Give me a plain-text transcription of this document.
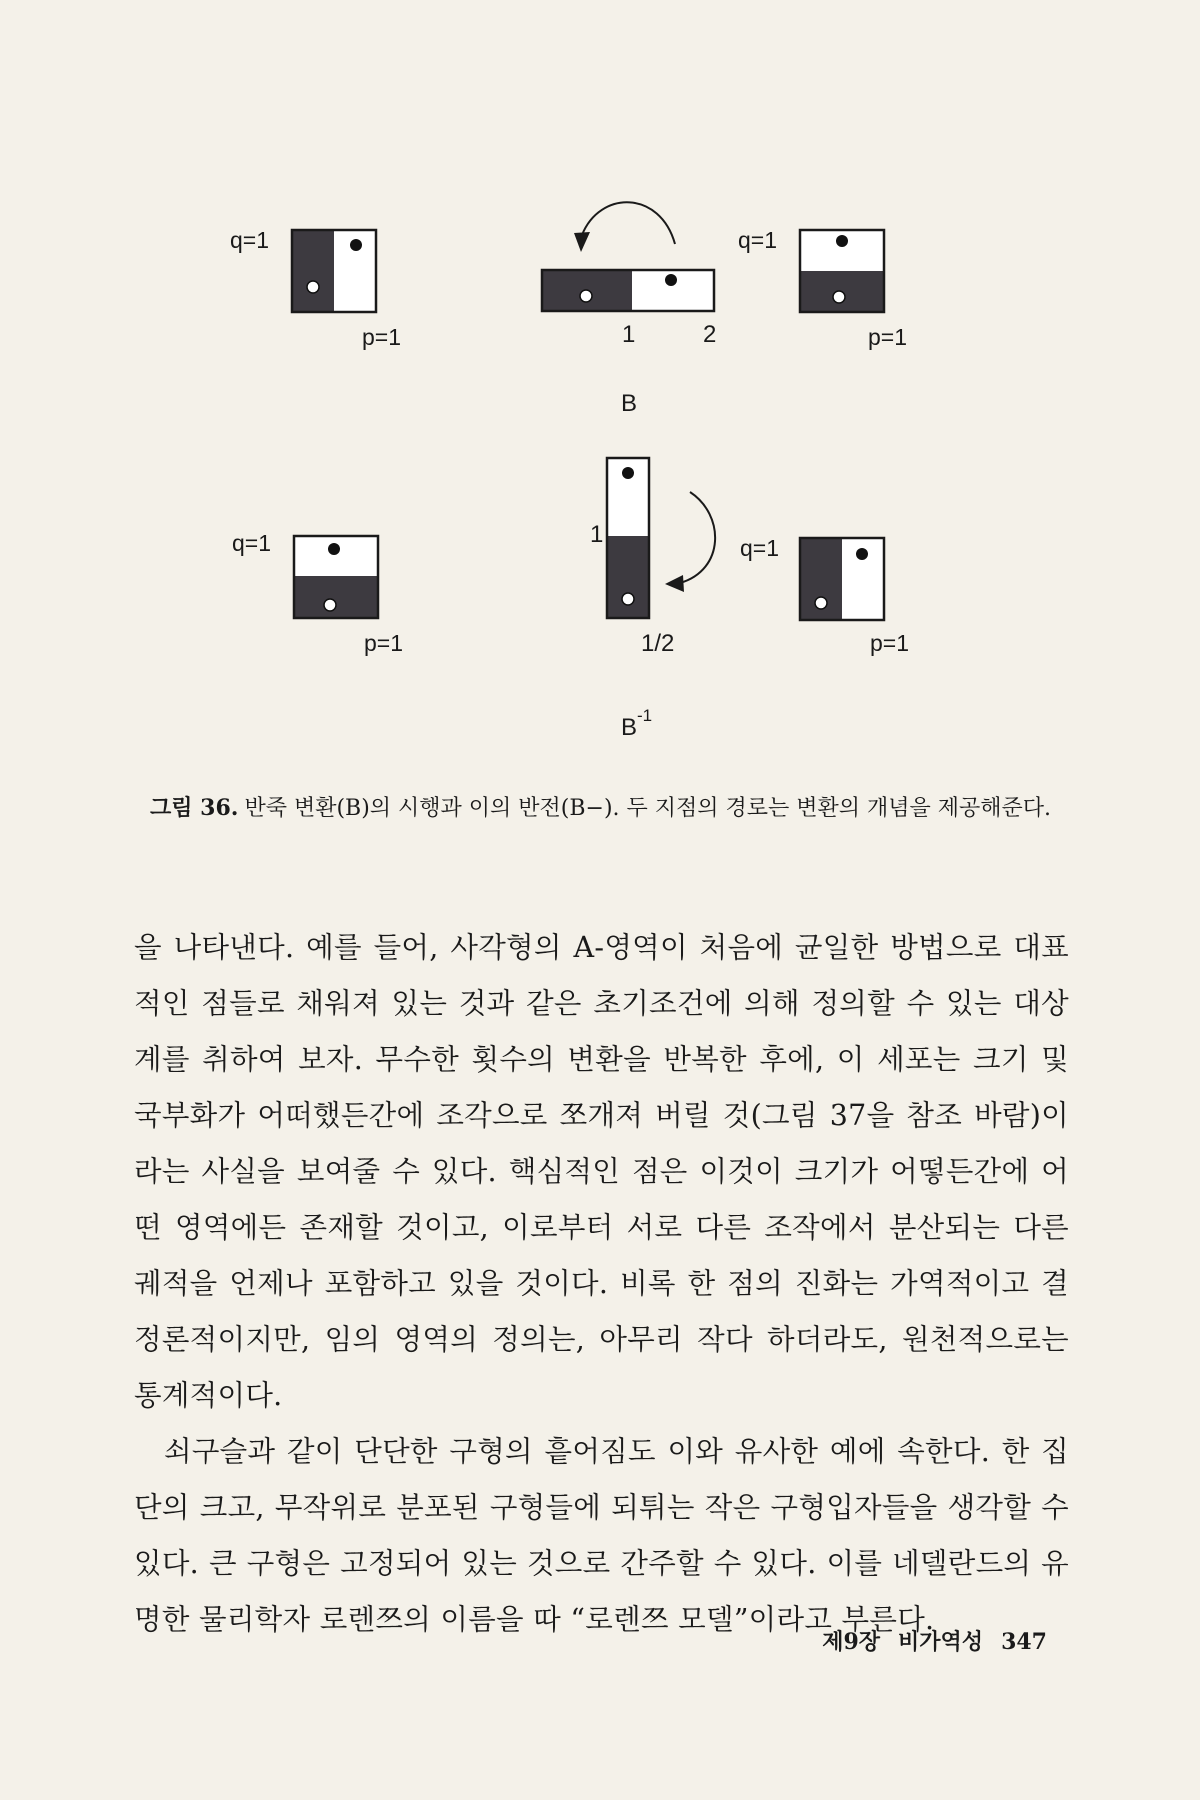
q=1
p=1	1	2
B
q=1
p=1
q=1
p=1
1
1/2
$B^{-1}$
q=1
p=1
그림 36. 반죽 변환(B)의 시행과 이의 반전(B−). 두 지점의 경로는 변환의 개념을 제공해준다.

을 나타낸다. 예를 들어, 사각형의 A-영역이 처음에 균일한 방법으로 대표적인 점들로 채워져 있는 것과 같은 초기조건에 의해 정의할 수 있는 대상계를 취하여 보자. 무수한 횟수의 변환을 반복한 후에, 이 세포는 크기 및 국부화가 어떠했든간에 조각으로 쪼개져 버릴 것(그림 37을 참조 바람)이라는 사실을 보여줄 수 있다. 핵심적인 점은 이것이 크기가 어떻든간에 어떤 영역에든 존재할 것이고, 이로부터 서로 다른 조작에서 분산되는 다른 궤적을 언제나 포함하고 있을 것이다. 비록 한 점의 진화는 가역적이고 결정론적이지만, 임의 영역의 정의는, 아무리 작다 하더라도, 원천적으로는 통계적이다.

쇠구슬과 같이 단단한 구형의 흩어짐도 이와 유사한 예에 속한다. 한 집단의 크고, 무작위로 분포된 구형들에 되튀는 작은 구형입자들을 생각할 수 있다. 큰 구형은 고정되어 있는 것으로 간주할 수 있다. 이를 네델란드의 유명한 물리학자 로렌쯔의 이름을 따 “로렌쯔 모델”이라고 부른다.

제9장 비가역성 347
